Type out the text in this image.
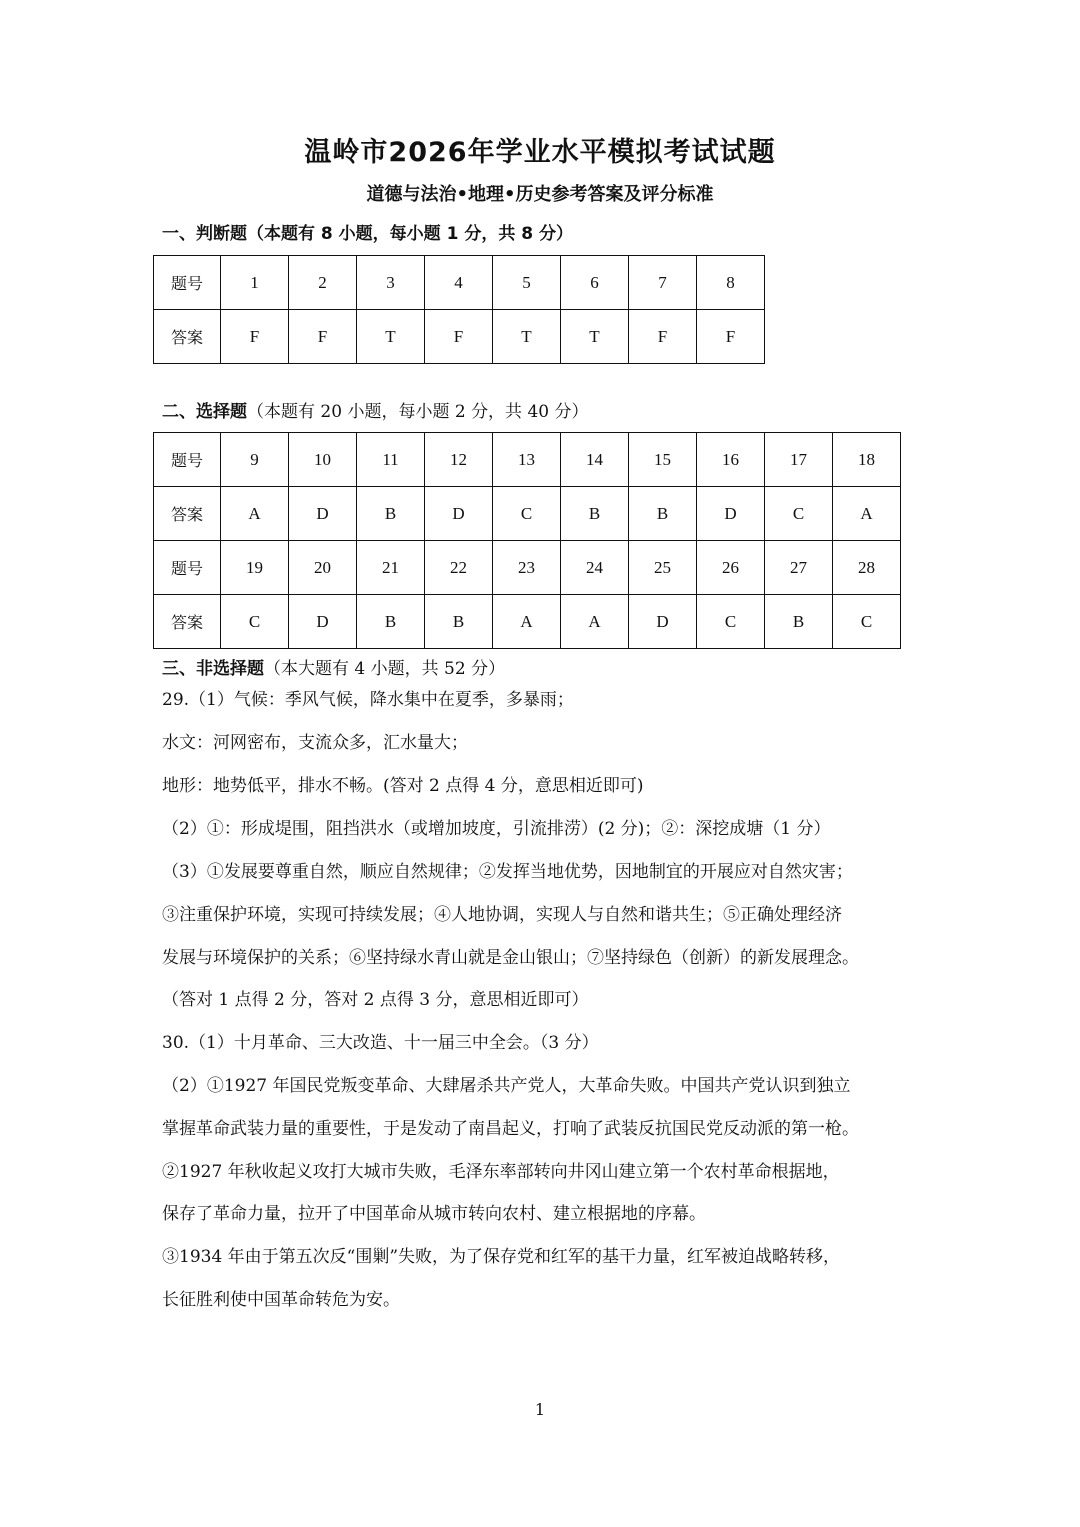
温岭市2026年学业水平模拟考试试题
道德与法治•地理•历史参考答案及评分标准
一、判断题（本题有 8 小题，每小题 1 分，共 8 分）
题号	1	2	3	4	5	6	7	8
答案	F	F	T	F	T	T	F	F
二、选择题（本题有 20 小题，每小题 2 分，共 40 分）
题号	9	10	11	12	13	14	15	16	17	18
答案	A	D	B	D	C	B	B	D	C	A
题号	19	20	21	22	23	24	25	26	27	28
答案	C	D	B	B	A	A	D	C	B	C
三、非选择题（本大题有 4 小题，共 52 分）
29.（1）气候：季风气候，降水集中在夏季，多暴雨；
水文：河网密布，支流众多，汇水量大；
地形：地势低平，排水不畅。(答对 2 点得 4 分，意思相近即可)
（2）①：形成堤围，阻挡洪水（或增加坡度，引流排涝）(2 分)；②：深挖成塘（1 分）
（3）①发展要尊重自然，顺应自然规律；②发挥当地优势，因地制宜的开展应对自然灾害；
③注重保护环境，实现可持续发展；④人地协调，实现人与自然和谐共生；⑤正确处理经济
发展与环境保护的关系；⑥坚持绿水青山就是金山银山；⑦坚持绿色（创新）的新发展理念。
（答对 1 点得 2 分，答对 2 点得 3 分，意思相近即可）
30.（1）十月革命、三大改造、十一届三中全会。（3 分）
（2）①1927 年国民党叛变革命、大肆屠杀共产党人，大革命失败。中国共产党认识到独立
掌握革命武装力量的重要性，于是发动了南昌起义，打响了武装反抗国民党反动派的第一枪。
②1927 年秋收起义攻打大城市失败，毛泽东率部转向井冈山建立第一个农村革命根据地，
保存了革命力量，拉开了中国革命从城市转向农村、建立根据地的序幕。
③1934 年由于第五次反“围剿”失败，为了保存党和红军的基干力量，红军被迫战略转移，
长征胜利使中国革命转危为安。
1
